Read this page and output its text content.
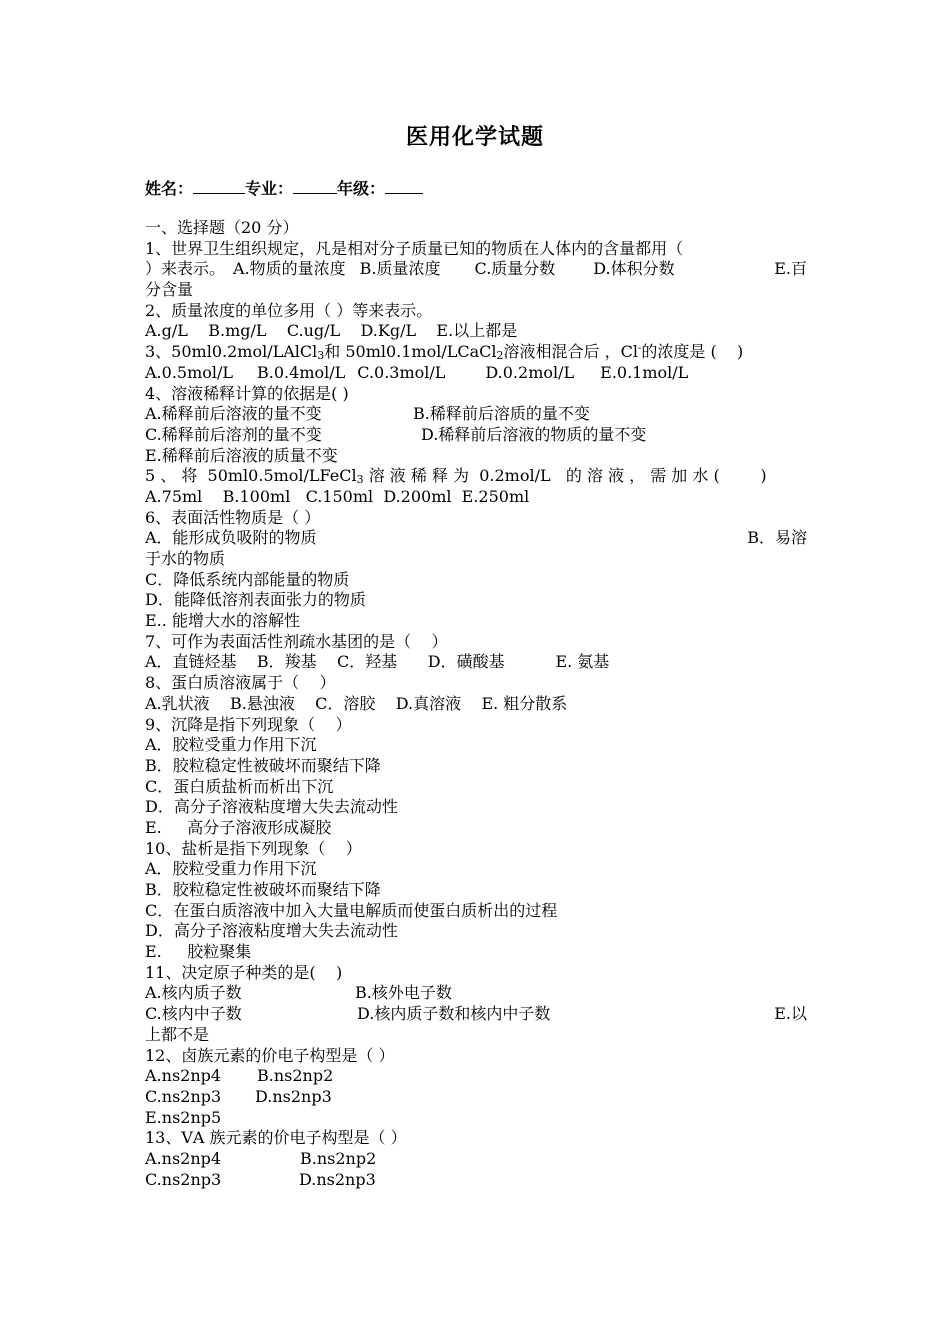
医用化学试题
姓名：	专业：	年级：
一、选择题（20 分）
1、世界卫生组织规定，凡是相对分子质量已知的物质在人体内的含量都用（
）来表示。 A.物质的量浓度 B.质量浓度 C.质量分数 D.体积分数	E.百
分含量
2、质量浓度的单位多用（ ）等来表示。
A.g/L    B.mg/L    C.ug/L    D.Kg/L    E.以上都是
3、50ml0.2mol/LAlCl$_3$和 50ml0.1mol/LCaCl$_2$溶液相混合后 ，Cl-的浓度是 (    )
A.0.5mol/L B.0.4mol/L C.0.3mol/L	D.0.2mol/L E.0.1mol/L
4、溶液稀释计算的依据是( )
A.稀释前后溶液的量不变	B.稀释前后溶质的量不变
C.稀释前后溶剂的量不变	D.稀释前后溶液的物质的量不变
E.稀释前后溶液的质量不变
5 、 将  50ml0.5mol/LFeCl$_3$ 溶 液 稀 释 为  0.2mol/L   的 溶 液 ， 需 加 水 (        )
A.75ml    B.100ml   C.150ml  D.200ml  E.250ml
6、表面活性物质是（ ）
A．能形成负吸附的物质	B．易溶
于水的物质
C．降低系统内部能量的物质
D．能降低溶剂表面张力的物质
E.. 能增大水的溶解性
7、可作为表面活性剂疏水基团的是（    ）
A．直链烃基    B．羧基    C．羟基      D．磺酸基          E. 氨基
8、蛋白质溶液属于（    ）
A.乳状液    B.悬浊液    C．溶胶    D.真溶液    E. 粗分散系
9、沉降是指下列现象（    ）
A．胶粒受重力作用下沉
B．胶粒稳定性被破坏而聚结下降
C．蛋白质盐析而析出下沉
D．高分子溶液粘度增大失去流动性
E.     高分子溶液形成凝胶
10、盐析是指下列现象（    ）
A．胶粒受重力作用下沉
B．胶粒稳定性被破坏而聚结下降
C．在蛋白质溶液中加入大量电解质而使蛋白质析出的过程
D．高分子溶液粘度增大失去流动性
E.     胶粒聚集
11、决定原子种类的是(    )
A.核内质子数	B.核外电子数
C.核内中子数	D.核内质子数和核内中子数	E.以
上都不是
12、卤族元素的价电子构型是（ ）
A.ns2np4 B.ns2np2
C.ns2np3 D.ns2np3
E.ns2np5
13、ⅤA 族元素的价电子构型是（ ）
A.ns2np4	B.ns2np2
C.ns2np3	D.ns2np3
